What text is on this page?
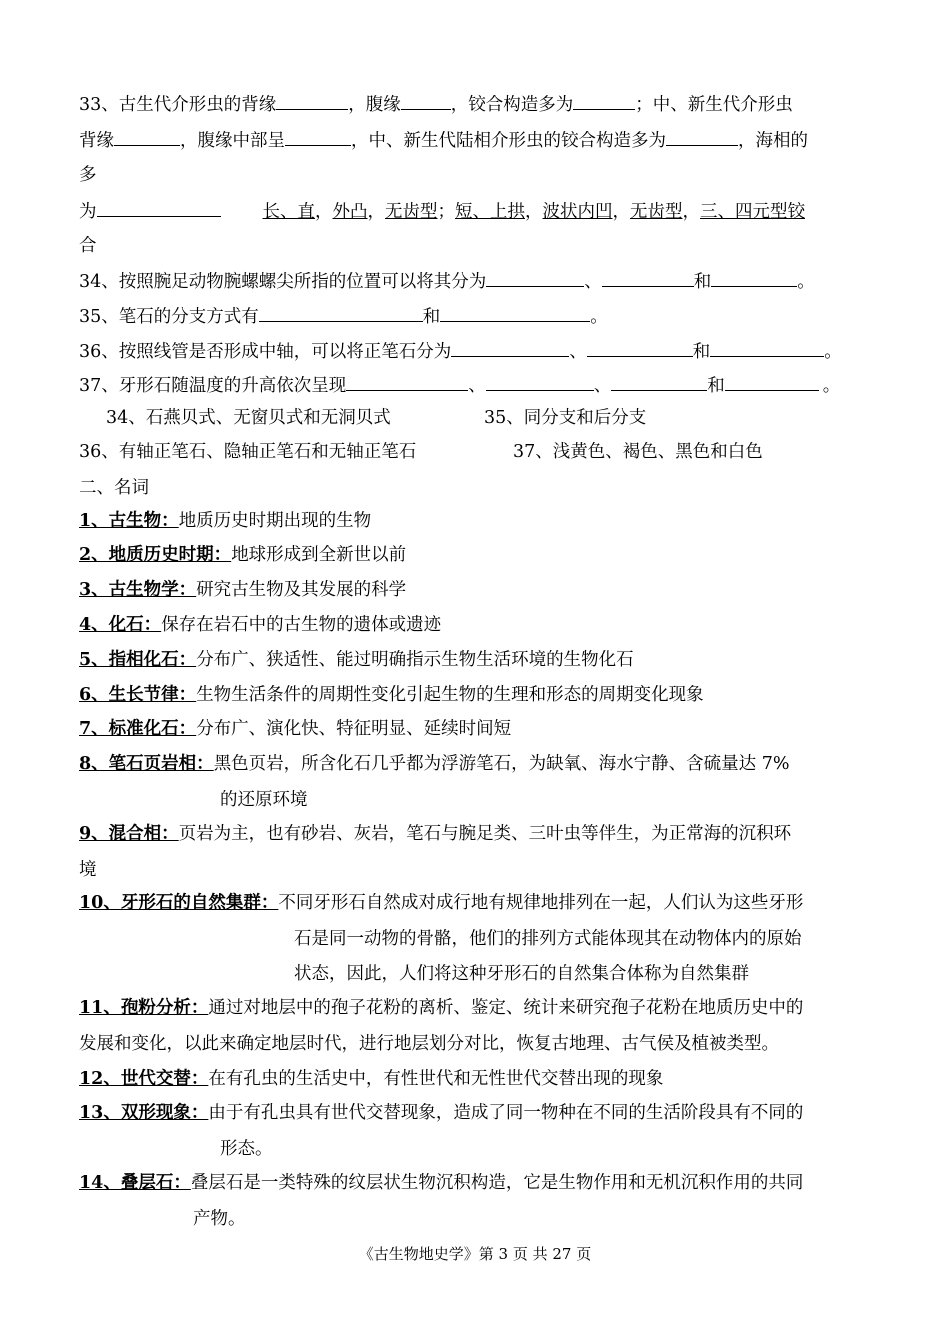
33、古生代介形虫的背缘	，腹缘	，铰合构造多为	；中、新生代介形虫
背缘	，腹缘中部呈	，中、新生代陆相介形虫的铰合构造多为	，海相的
多
为	长、直，外凸，无齿型；短、上拱，波状内凹，无齿型，三、四元型铰
合
34、按照腕足动物腕螺螺尖所指的位置可以将其分为	、	和	。
35、笔石的分支方式有	和	。
36、按照线管是否形成中轴，可以将正笔石分为	、	和	。
37、牙形石随温度的升高依次呈现	、	、	和	。
34、石燕贝式、无窗贝式和无洞贝式	35、同分支和后分支
36、有轴正笔石、隐轴正笔石和无轴正笔石	37、浅黄色、褐色、黑色和白色
二、名词
1、古生物：地质历史时期出现的生物
2、地质历史时期：地球形成到全新世以前
3、古生物学：研究古生物及其发展的科学
4、化石：保存在岩石中的古生物的遗体或遗迹
5、指相化石：分布广、狭适性、能过明确指示生物生活环境的生物化石
6、生长节律：生物生活条件的周期性变化引起生物的生理和形态的周期变化现象
7、标准化石：分布广、演化快、特征明显、延续时间短
8、笔石页岩相：黑色页岩，所含化石几乎都为浮游笔石，为缺氧、海水宁静、含硫量达 7%
的还原环境
9、混合相：页岩为主，也有砂岩、灰岩，笔石与腕足类、三叶虫等伴生，为正常海的沉积环
境
10、牙形石的自然集群：不同牙形石自然成对成行地有规律地排列在一起，人们认为这些牙形
石是同一动物的骨骼，他们的排列方式能体现其在动物体内的原始
状态，因此，人们将这种牙形石的自然集合体称为自然集群
11、孢粉分析：通过对地层中的孢子花粉的离析、鉴定、统计来研究孢子花粉在地质历史中的
发展和变化，以此来确定地层时代，进行地层划分对比，恢复古地理、古气侯及植被类型。
12、世代交替：在有孔虫的生活史中，有性世代和无性世代交替出现的现象
13、双形现象：由于有孔虫具有世代交替现象，造成了同一物种在不同的生活阶段具有不同的
形态。
14、叠层石：叠层石是一类特殊的纹层状生物沉积构造，它是生物作用和无机沉积作用的共同
产物。
《古生物地史学》第 3 页 共 27 页
